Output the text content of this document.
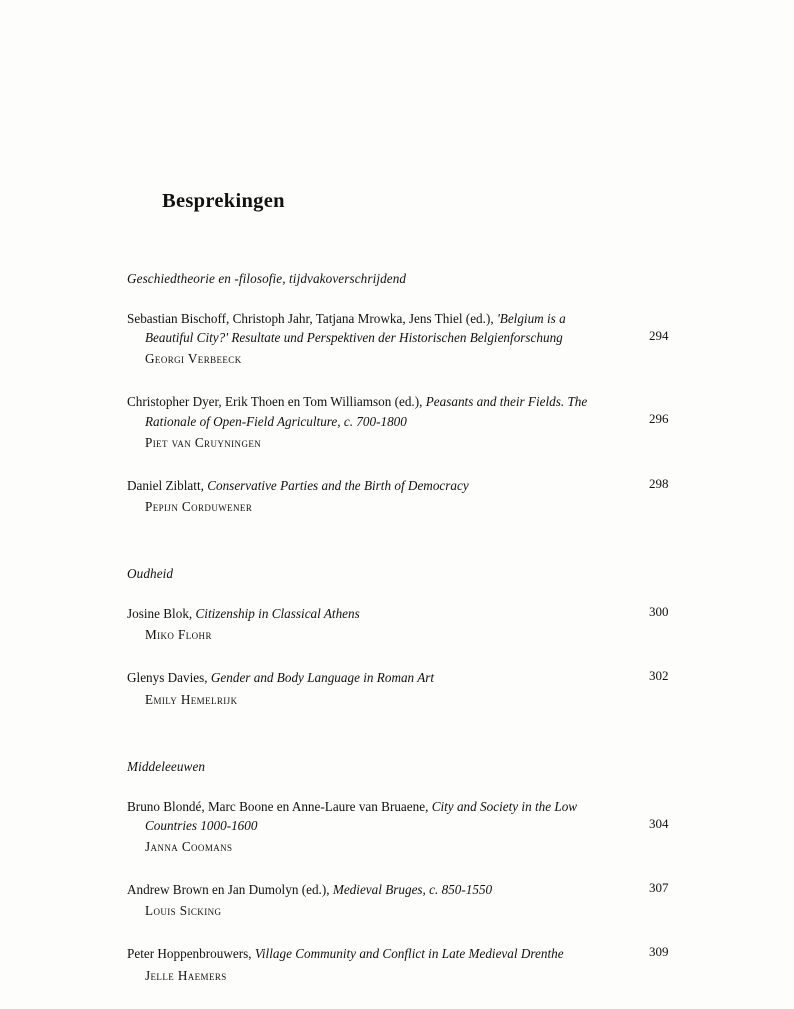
Besprekingen
Geschiedtheorie en -filosofie, tijdvakoverschrijdend
Sebastian Bischoff, Christoph Jahr, Tatjana Mrowka, Jens Thiel (ed.), 'Belgium is a Beautiful City?' Resultate und Perspektiven der Historischen Belgienforschung
Georgi Verbeeck
294
Christopher Dyer, Erik Thoen en Tom Williamson (ed.), Peasants and their Fields. The Rationale of Open-Field Agriculture, c. 700-1800
Piet van Cruyningen
296
Daniel Ziblatt, Conservative Parties and the Birth of Democracy
Pepijn Corduwener
298
Oudheid
Josine Blok, Citizenship in Classical Athens
Miko Flohr
300
Glenys Davies, Gender and Body Language in Roman Art
Emily Hemelrijk
302
Middeleeuwen
Bruno Blondé, Marc Boone en Anne-Laure van Bruaene, City and Society in the Low Countries 1000-1600
Janna Coomans
304
Andrew Brown en Jan Dumolyn (ed.), Medieval Bruges, c. 850-1550
Louis Sicking
307
Peter Hoppenbrouwers, Village Community and Conflict in Late Medieval Drenthe
Jelle Haemers
309
